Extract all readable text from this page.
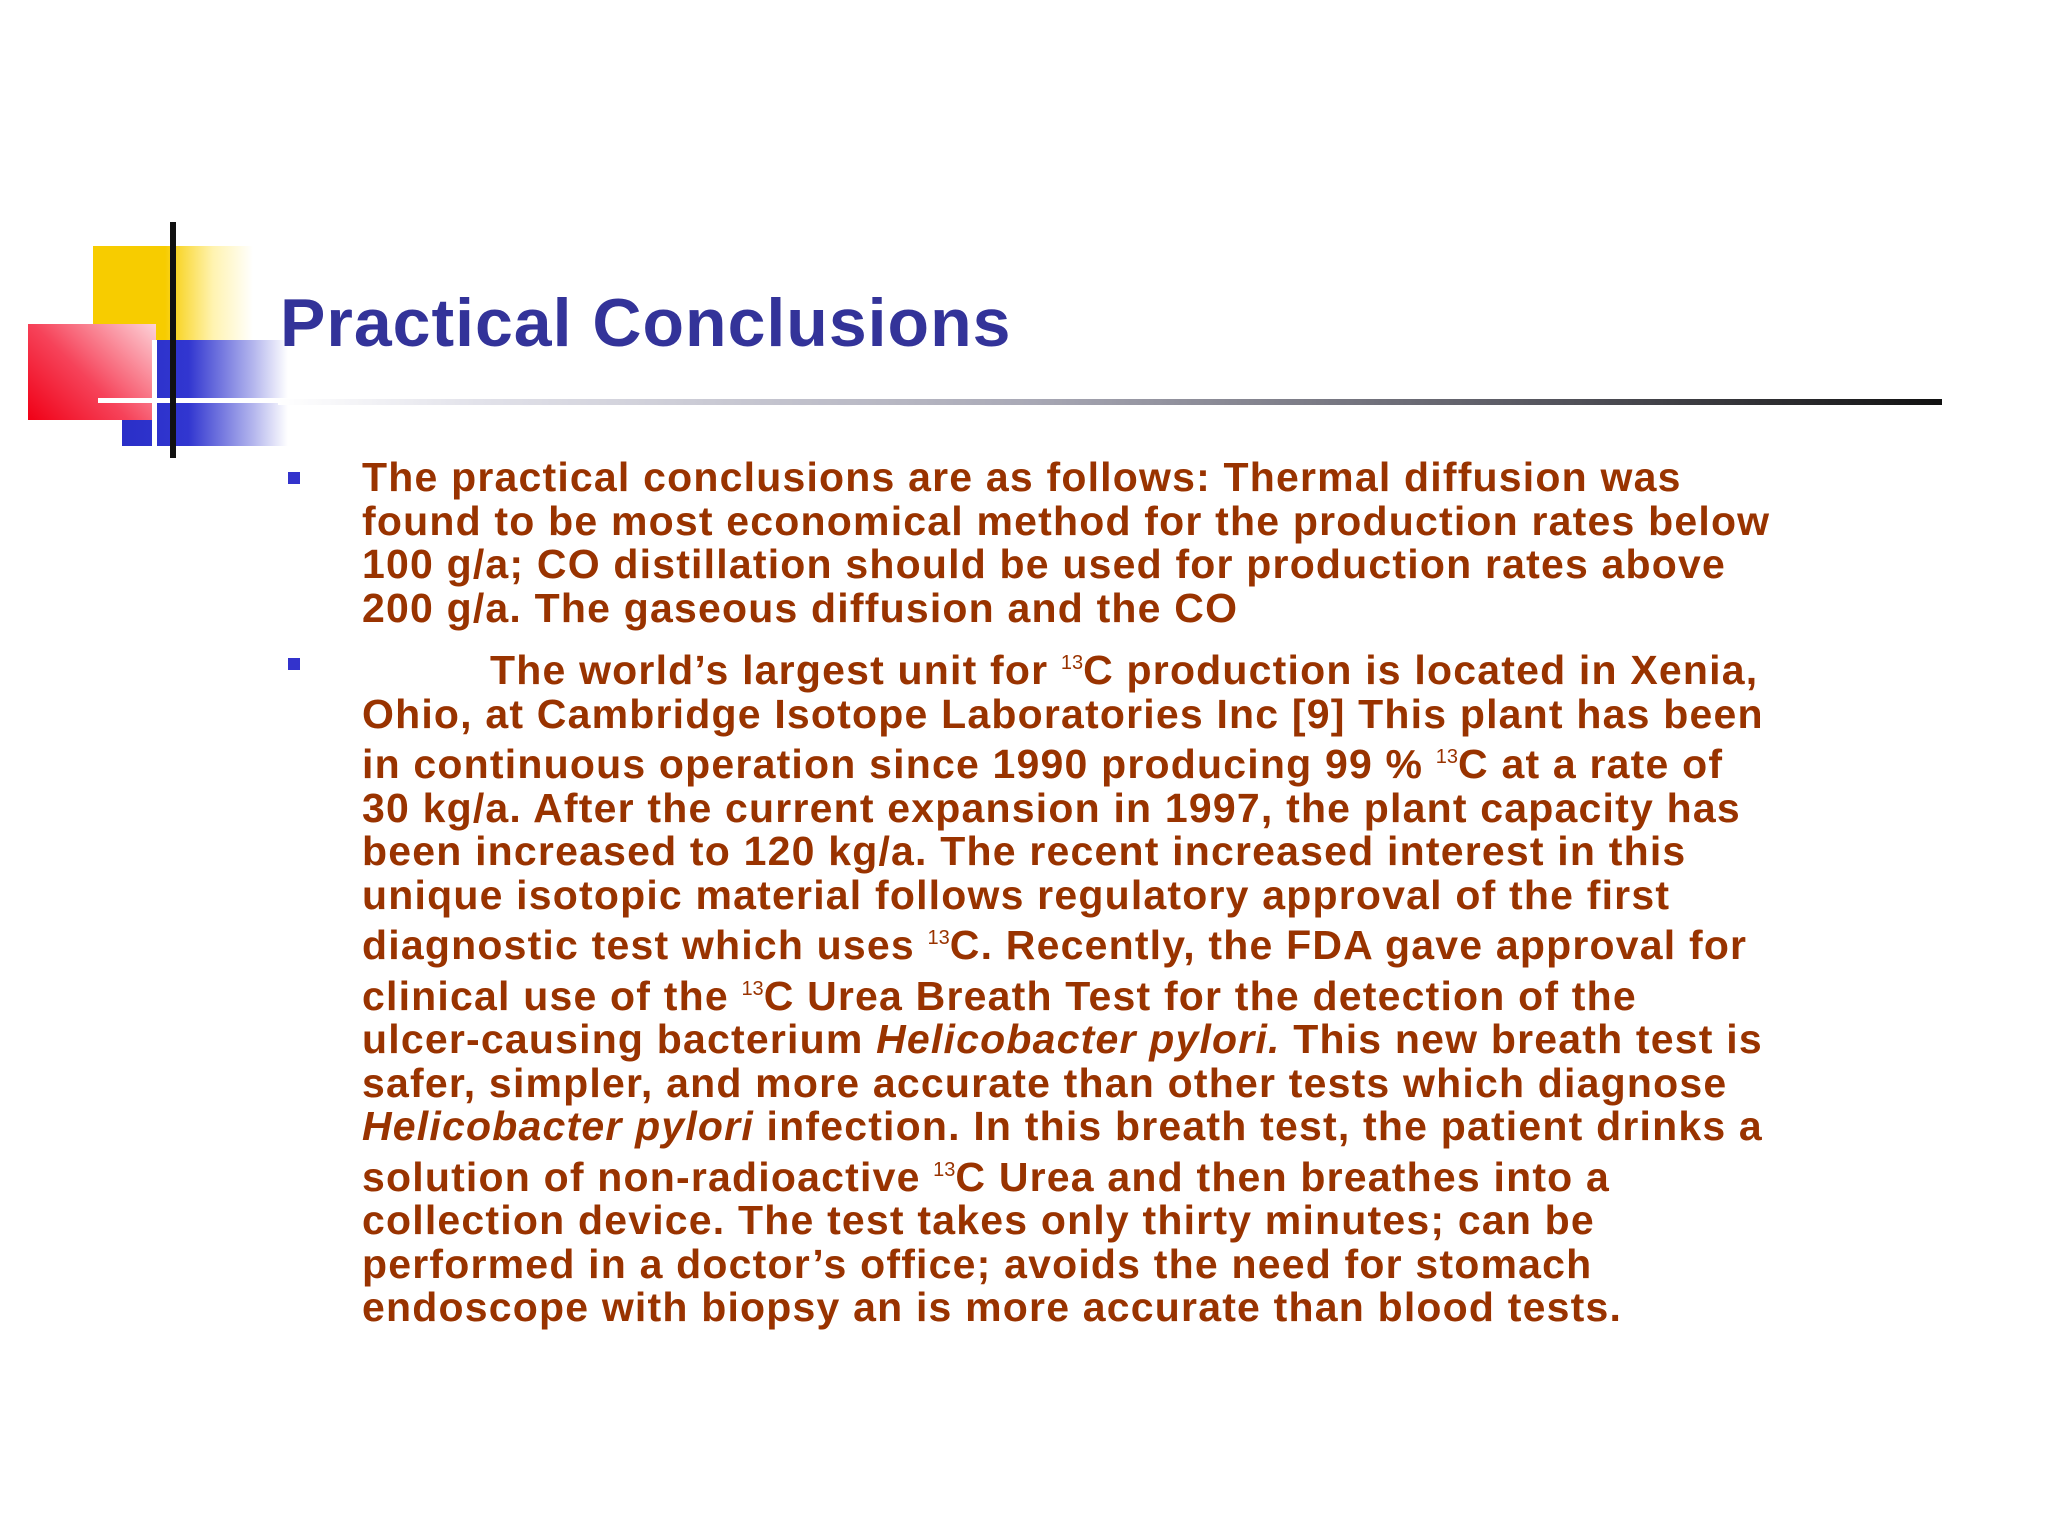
Practical Conclusions
The practical conclusions are as follows: Thermal diffusion was
found to be most economical method for the production rates below
100 g/a; CO distillation should be used for production rates above
200 g/a. The gaseous diffusion and the CO
The world’s largest unit for $^{13}$C production is located in Xenia,
Ohio, at Cambridge Isotope Laboratories Inc [9] This plant has been
in continuous operation since 1990 producing 99 % $^{13}$C at a rate of
30 kg/a. After the current expansion in 1997, the plant capacity has
been increased to 120 kg/a. The recent increased interest in this
unique isotopic material follows regulatory approval of the first
diagnostic test which uses $^{13}$C. Recently, the FDA gave approval for
clinical use of the $^{13}$C Urea Breath Test for the detection of the
ulcer-causing bacterium Helicobacter pylori. This new breath test is
safer, simpler, and more accurate than other tests which diagnose
Helicobacter pylori infection. In this breath test, the patient drinks a
solution of non-radioactive $^{13}$C Urea and then breathes into a
collection device. The test takes only thirty minutes; can be
performed in a doctor’s office; avoids the need for stomach
endoscope with biopsy an is more accurate than blood tests.
